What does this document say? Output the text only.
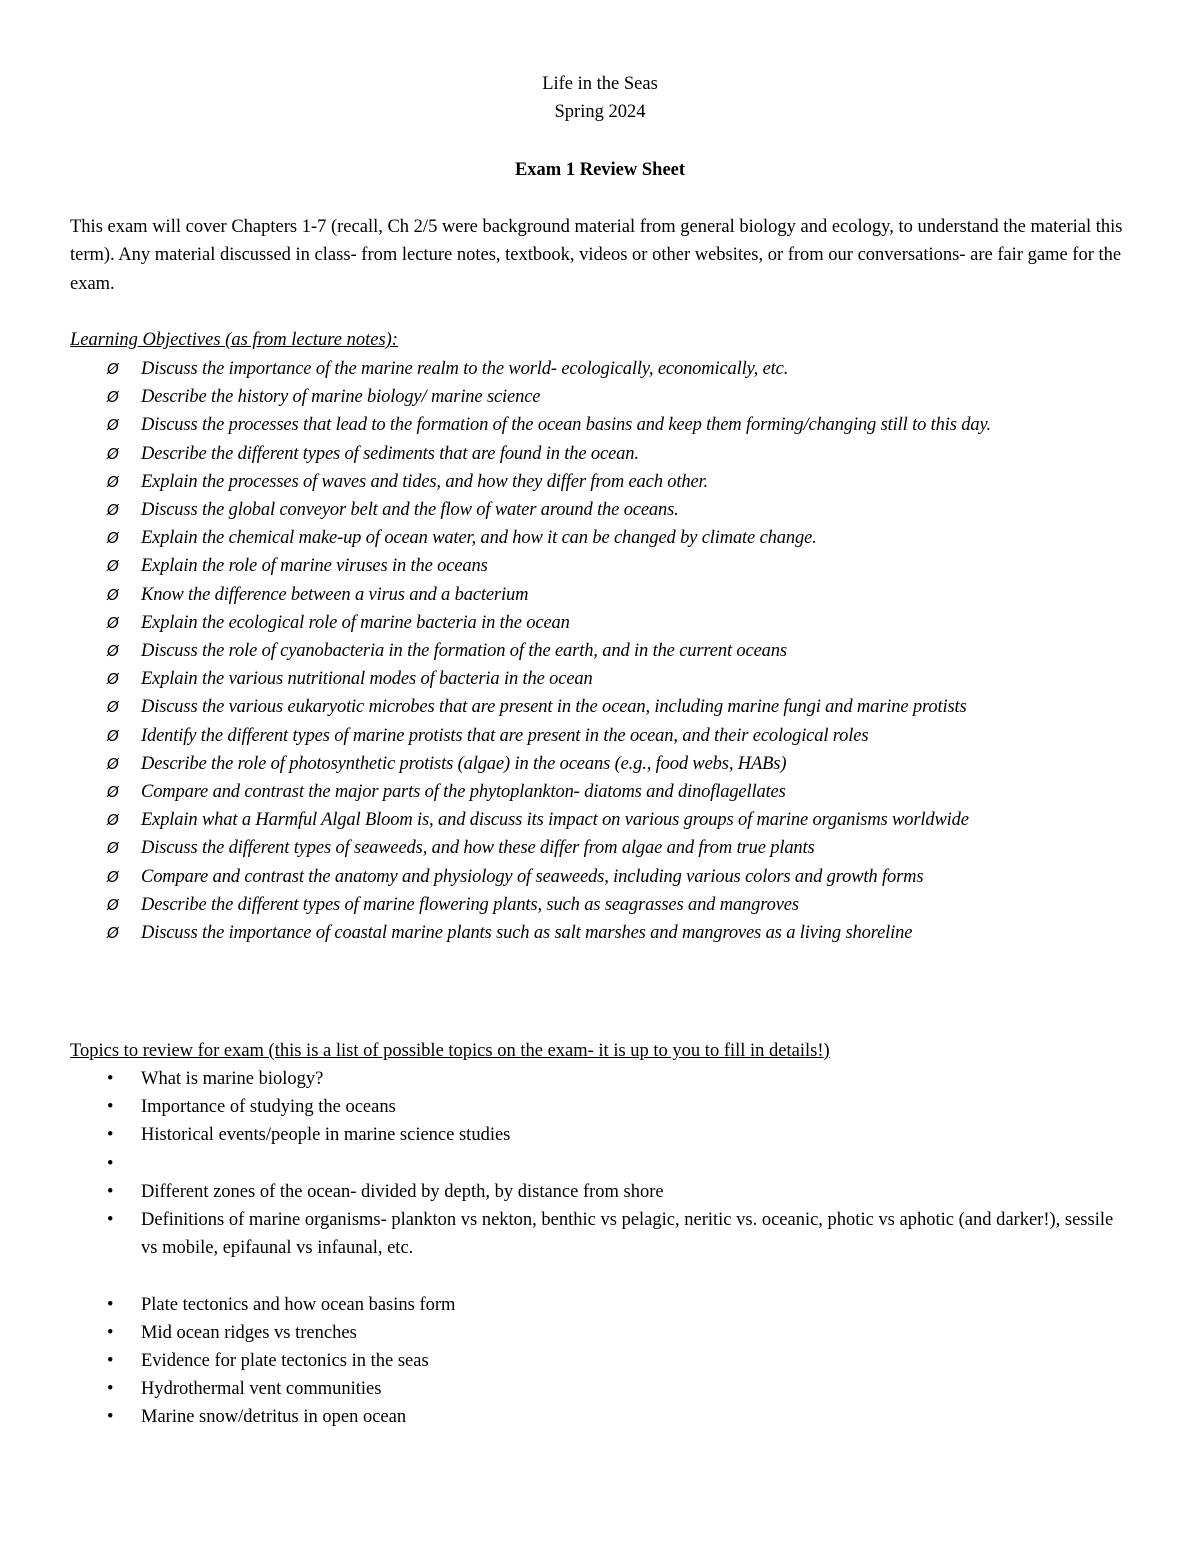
Life in the Seas
Spring 2024
Exam 1 Review Sheet

This exam will cover Chapters 1-7 (recall, Ch 2/5 were background material from general biology and ecology, to understand the material this term). Any material discussed in class- from lecture notes, textbook, videos or other websites, or from our conversations- are fair game for the exam.

Learning Objectives (as from lecture notes):

Ø Discuss the importance of the marine realm to the world- ecologically, economically, etc.
Ø Describe the history of marine biology/ marine science
Ø Discuss the processes that lead to the formation of the ocean basins and keep them forming/changing still to this day.
Ø Describe the different types of sediments that are found in the ocean.
Ø Explain the processes of waves and tides, and how they differ from each other.
Ø Discuss the global conveyor belt and the flow of water around the oceans.
Ø Explain the chemical make-up of ocean water, and how it can be changed by climate change.
Ø Explain the role of marine viruses in the oceans
Ø Know the difference between a virus and a bacterium
Ø Explain the ecological role of marine bacteria in the ocean
Ø Discuss the role of cyanobacteria in the formation of the earth, and in the current oceans
Ø Explain the various nutritional modes of bacteria in the ocean
Ø Discuss the various eukaryotic microbes that are present in the ocean, including marine fungi and marine protists
Ø Identify the different types of marine protists that are present in the ocean, and their ecological roles
Ø Describe the role of photosynthetic protists (algae) in the oceans (e.g., food webs, HABs)
Ø Compare and contrast the major parts of the phytoplankton- diatoms and dinoflagellates
Ø Explain what a Harmful Algal Bloom is, and discuss its impact on various groups of marine organisms worldwide
Ø Discuss the different types of seaweeds, and how these differ from algae and from true plants
Ø Compare and contrast the anatomy and physiology of seaweeds, including various colors and growth forms
Ø Describe the different types of marine flowering plants, such as seagrasses and mangroves
Ø Discuss the importance of coastal marine plants such as salt marshes and mangroves as a living shoreline

Topics to review for exam (this is a list of possible topics on the exam- it is up to you to fill in details!)

• What is marine biology?
• Importance of studying the oceans
• Historical events/people in marine science studies
•
• Different zones of the ocean- divided by depth, by distance from shore
• Definitions of marine organisms- plankton vs nekton, benthic vs pelagic, neritic vs. oceanic, photic vs aphotic (and darker!), sessile vs mobile, epifaunal vs infaunal, etc.
• Plate tectonics and how ocean basins form
• Mid ocean ridges vs trenches
• Evidence for plate tectonics in the seas
• Hydrothermal vent communities
• Marine snow/detritus in open ocean
